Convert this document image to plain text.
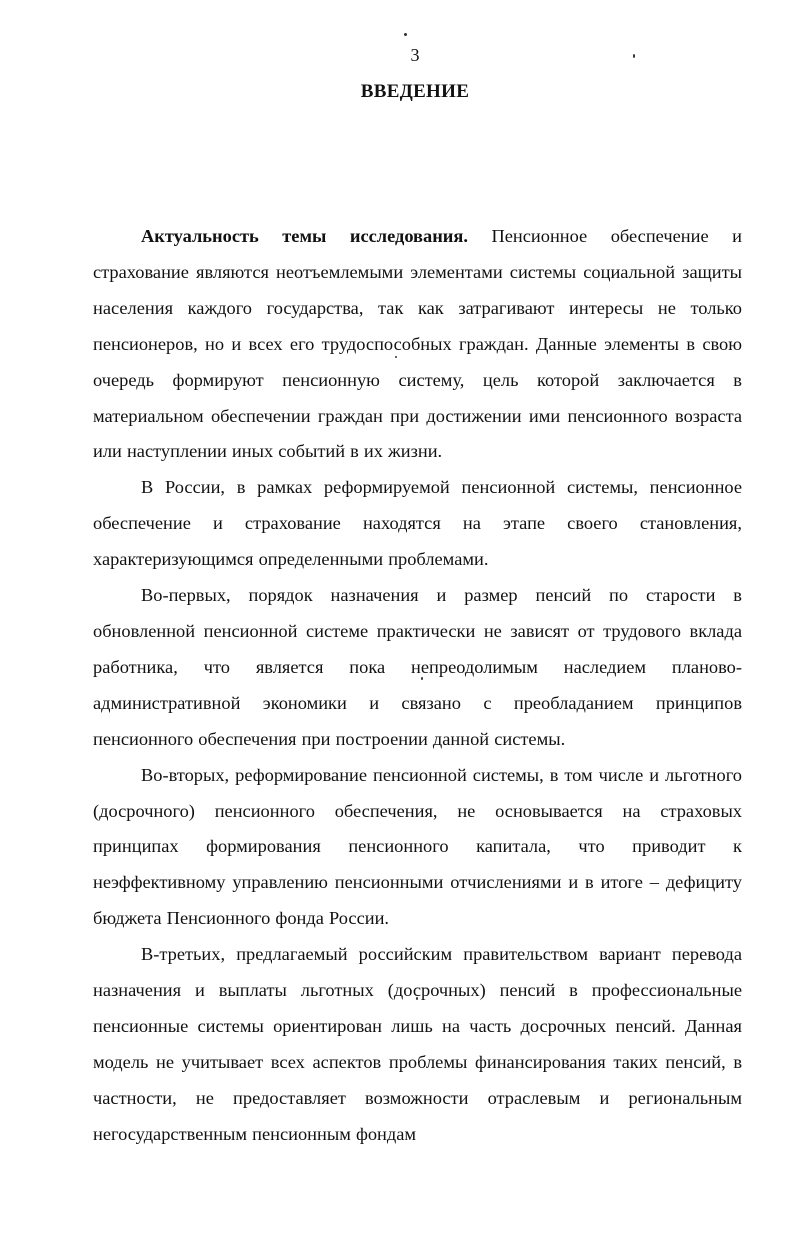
3
ВВЕДЕНИЕ

Актуальность темы исследования. Пенсионное обеспечение и страхование являются неотъемлемыми элементами системы социальной защиты населения каждого государства, так как затрагивают интересы не только пенсионеров, но и всех его трудоспособных граждан. Данные элементы в свою очередь формируют пенсионную систему, цель которой заключается в материальном обеспечении граждан при достижении ими пенсионного возраста или наступлении иных событий в их жизни.

В России, в рамках реформируемой пенсионной системы, пенсионное обеспечение и страхование находятся на этапе своего становления, характеризующимся определенными проблемами.

Во-первых, порядок назначения и размер пенсий по старости в обновленной пенсионной системе практически не зависят от трудового вклада работника, что является пока непреодолимым наследием планово-административной экономики и связано с преобладанием принципов пенсионного обеспечения при построении данной системы.

Во-вторых, реформирование пенсионной системы, в том числе и льготного (досрочного) пенсионного обеспечения, не основывается на страховых принципах формирования пенсионного капитала, что приводит к неэффективному управлению пенсионными отчислениями и в итоге – дефициту бюджета Пенсионного фонда России.

В-третьих, предлагаемый российским правительством вариант перевода назначения и выплаты льготных (досрочных) пенсий в профессиональные пенсионные системы ориентирован лишь на часть досрочных пенсий. Данная модель не учитывает всех аспектов проблемы финансирования таких пенсий, в частности, не предоставляет возможности отраслевым и региональным негосударственным пенсионным фондам
